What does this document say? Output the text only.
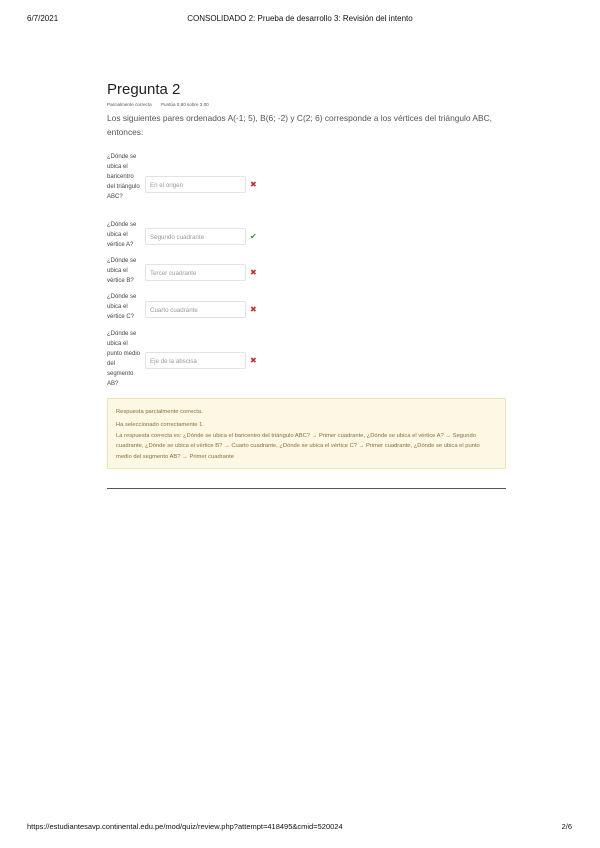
6/7/2021	CONSOLIDADO 2: Prueba de desarrollo 3: Revisión del intento
Pregunta 2
Parcialmente correcta Puntúa 0,80 sobre 3,00
Los siguientes pares ordenados A(-1; 5), B(6; -2) y C(2; 6) corresponde a los vértices del triángulo ABC, entonces:
¿Dónde se ubica el baricentro del triángulo ABC?
En el origen	✖
¿Dónde se ubica el vértice A?
Segundo cuadrante	✔
¿Dónde se ubica el vértice B?
Tercer cuadrante	✖
¿Dónde se ubica el vértice C?
Cuarto cuadrante	✖
¿Dónde se ubica el punto medio del segmento AB?
Eje de la abscisa	✖
Respuesta parcialmente correcta.
Ha seleccionado correctamente 1.
La respuesta correcta es: ¿Dónde se ubica el baricentro del triángulo ABC? → Primer cuadrante, ¿Dónde se ubica el vértice A? → Segundo cuadrante, ¿Dónde se ubica el vértice B? → Cuarto cuadrante, ¿Dónde se ubica el vértice C? → Primer cuadrante, ¿Dónde se ubica el punto medio del segmento AB? → Primer cuadrante
https://estudiantesavp.continental.edu.pe/mod/quiz/review.php?attempt=418495&cmid=520024	2/6
